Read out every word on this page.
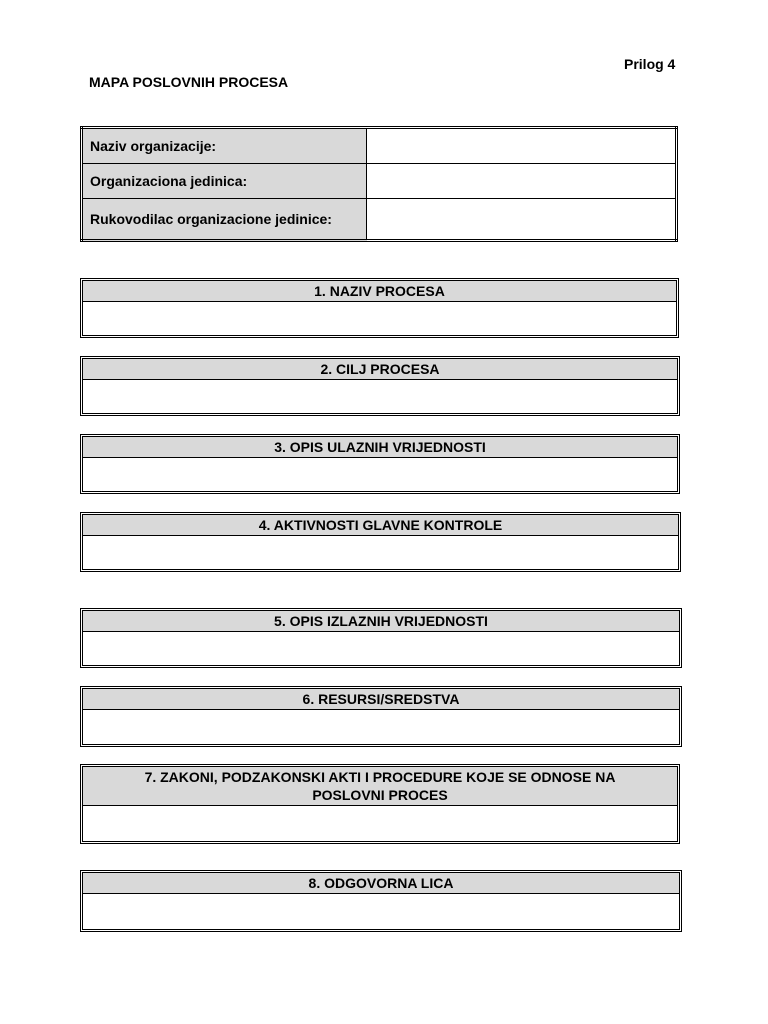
Prilog 4
MAPA POSLOVNIH PROCESA
Naziv organizacije:	
Organizaciona jedinica:	
Rukovodilac organizacione jedinice:	
1. NAZIV PROCESA
2. CILJ PROCESA
3. OPIS ULAZNIH VRIJEDNOSTI
4. AKTIVNOSTI GLAVNE KONTROLE
5. OPIS IZLAZNIH VRIJEDNOSTI
6. RESURSI/SREDSTVA
7. ZAKONI, PODZAKONSKI AKTI I PROCEDURE KOJE SE ODNOSE NA POSLOVNI PROCES
8. ODGOVORNA LICA
